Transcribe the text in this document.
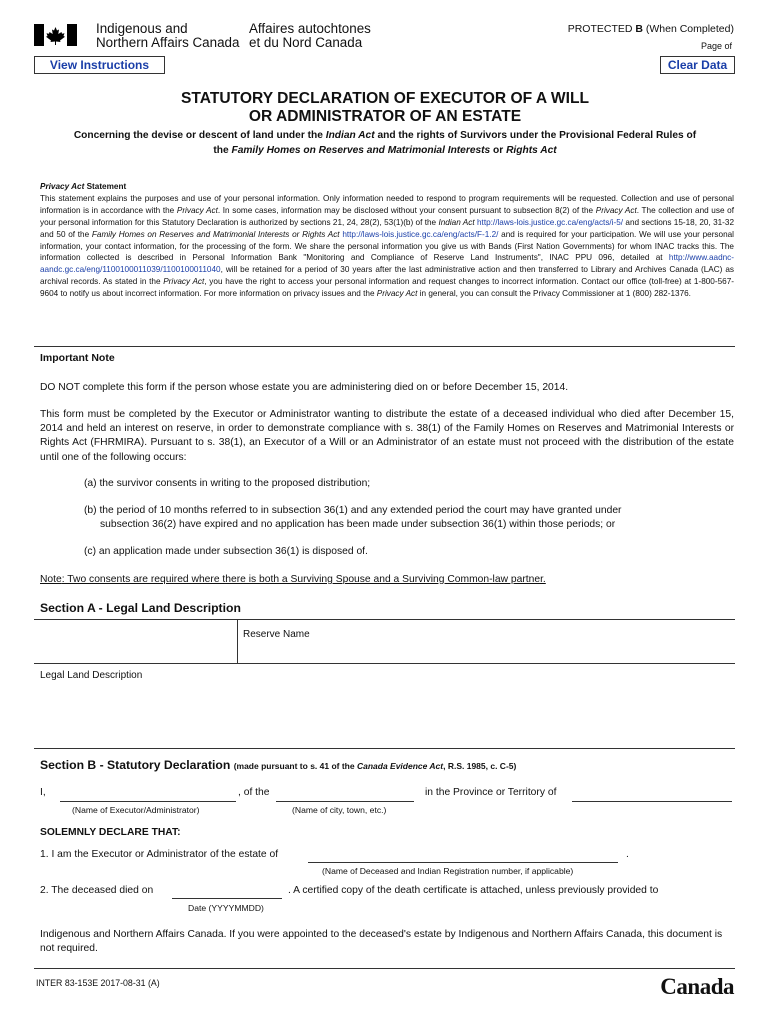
Indigenous and
Northern Affairs Canada
Affaires autochtones
et du Nord Canada
PROTECTED B (When Completed)
Page of
View Instructions	Clear Data
STATUTORY DECLARATION OF EXECUTOR OF A WILL
OR ADMINISTRATOR OF AN ESTATE
Concerning the devise or descent of land under the Indian Act and the rights of Survivors under the Provisional Federal Rules of
the Family Homes on Reserves and Matrimonial Interests or Rights Act
Privacy Act Statement
This statement explains the purposes and use of your personal information. Only information needed to respond to program requirements will be requested. Collection and use of personal information is in accordance with the Privacy Act. In some cases, information may be disclosed without your consent pursuant to subsection 8(2) of the Privacy Act. The collection and use of your personal information for this Statutory Declaration is authorized by sections 21, 24, 28(2), 53(1)(b) of the Indian Act http://laws-lois.justice.gc.ca/eng/acts/i-5/ and sections 15-18, 20, 31-32 and 50 of the Family Homes on Reserves and Matrimonial Interests or Rights Act http://laws-lois.justice.gc.ca/eng/acts/F-1.2/ and is required for your participation. We will use your personal information, your contact information, for the processing of the form. We share the personal information you give us with Bands (First Nation Governments) for whom INAC tracks this. The information collected is described in Personal Information Bank "Monitoring and Compliance of Reserve Land Instruments", INAC PPU 096, detailed at http://www.aadnc-aandc.gc.ca/eng/1100100011039/1100100011040, will be retained for a period of 30 years after the last administrative action and then transferred to Library and Archives Canada (LAC) as archival records. As stated in the Privacy Act, you have the right to access your personal information and request changes to incorrect information. Contact our office (toll-free) at 1-800-567-9604 to notify us about incorrect information. For more information on privacy issues and the Privacy Act in general, you can consult the Privacy Commissioner at 1 (800) 282-1376.
Important Note
DO NOT complete this form if the person whose estate you are administering died on or before December 15, 2014.
This form must be completed by the Executor or Administrator wanting to distribute the estate of a deceased individual who died after December 15, 2014 and held an interest on reserve, in order to demonstrate compliance with s. 38(1) of the Family Homes on Reserves and Matrimonial Interests or Rights Act (FHRMIRA). Pursuant to s. 38(1), an Executor of a Will or an Administrator of an estate must not proceed with the distribution of the estate until one of the following occurs:
(a) the survivor consents in writing to the proposed distribution;
(b) the period of 10 months referred to in subsection 36(1) and any extended period the court may have granted under
subsection 36(2) have expired and no application has been made under subsection 36(1) within those periods; or
(c) an application made under subsection 36(1) is disposed of.
Note: Two consents are required where there is both a Surviving Spouse and a Surviving Common-law partner.
Section A - Legal Land Description
Reserve Name
Legal Land Description
Section B - Statutory Declaration (made pursuant to s. 41 of the Canada Evidence Act, R.S. 1985, c. C-5)
I,	, of the	in the Province or Territory of
(Name of Executor/Administrator)	(Name of city, town, etc.)
SOLEMNLY DECLARE THAT:
1. I am the Executor or Administrator of the estate of	.
(Name of Deceased and Indian Registration number, if applicable)
2. The deceased died on	. A certified copy of the death certificate is attached, unless previously provided to
Date (YYYYMMDD)
Indigenous and Northern Affairs Canada. If you were appointed to the deceased's estate by Indigenous and Northern Affairs Canada, this document is not required.
INTER 83-153E 2017-08-31 (A)	Canada
